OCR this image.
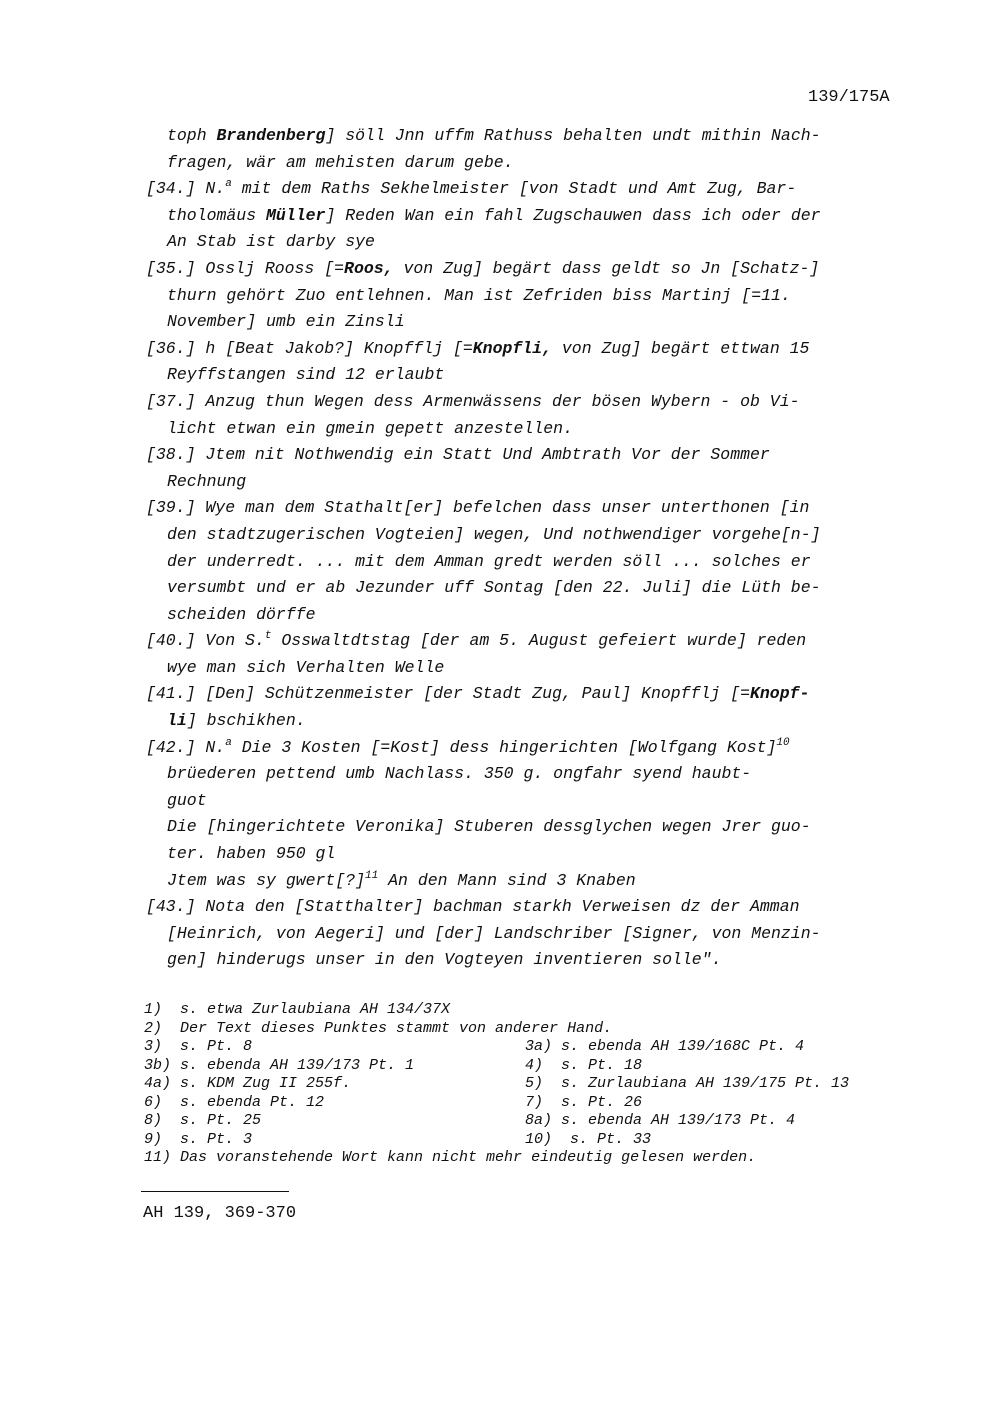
139/175A
toph Brandenberg] söll Jnn uffm Rathuss behalten undt mithin Nach-
fragen, wär am mehisten darum gebe.
[34.] N.$^a$ mit dem Raths Sekhelmeister [von Stadt und Amt Zug, Bar-
tholomäus Müller] Reden Wan ein fahl Zugschauwen dass ich oder der
An Stab ist darby sye
[35.] Osslj Rooss [=Roos, von Zug] begärt dass geldt so Jn [Schatz-]
thurn gehört Zuo entlehnen. Man ist Zefriden biss Martinj [=11.
November] umb ein Zinsli
[36.] h [Beat Jakob?] Knopfflj [=Knopfli, von Zug] begärt ettwan 15
Reyffstangen sind 12 erlaubt
[37.] Anzug thun Wegen dess Armenwässens der bösen Wybern - ob Vi-
licht etwan ein gmein gepett anzestellen.
[38.] Jtem nit Nothwendig ein Statt Und Ambtrath Vor der Sommer
Rechnung
[39.] Wye man dem Stathalt[er] befelchen dass unser unterthonen [in
den stadtzugerischen Vogteien] wegen, Und nothwendiger vorgehe[n-]
der underredt. ... mit dem Amman gredt werden söll ... solches er
versumbt und er ab Jezunder uff Sontag [den 22. Juli] die Lüth be-
scheiden dörffe
[40.] Von S.$^t$ Osswaltdtstag [der am 5. August gefeiert wurde] reden
wye man sich Verhalten Welle
[41.] [Den] Schützenmeister [der Stadt Zug, Paul] Knopfflj [=Knopf-
li] bschikhen.
[42.] N.$^a$ Die 3 Kosten [=Kost] dess hingerichten [Wolfgang Kost]$^{10}$
brüederen pettend umb Nachlass. 350 g. ongfahr syend haubt-
guot
Die [hingerichtete Veronika] Stuberen dessglychen wegen Jrer guo-
ter. haben 950 gl
Jtem was sy gwert[?]$^{11}$ An den Mann sind 3 Knaben
[43.] Nota den [Statthalter] bachman starkh Verweisen dz der Amman
[Heinrich, von Aegeri] und [der] Landschriber [Signer, von Menzin-
gen] hinderugs unser in den Vogteyen inventieren solle".
1)  s. etwa Zurlaubiana AH 134/37X
2)  Der Text dieses Punktes stammt von anderer Hand.
3)  s. Pt. 8	3a) s. ebenda AH 139/168C Pt. 4
3b) s. ebenda AH 139/173 Pt. 1	4)  s. Pt. 18
4a) s. KDM Zug II 255f.	5)  s. Zurlaubiana AH 139/175 Pt. 13
6)  s. ebenda Pt. 12	7)  s. Pt. 26
8)  s. Pt. 25	8a) s. ebenda AH 139/173 Pt. 4
9)  s. Pt. 3	10)  s. Pt. 33
11) Das voranstehende Wort kann nicht mehr eindeutig gelesen werden.
AH 139, 369-370
